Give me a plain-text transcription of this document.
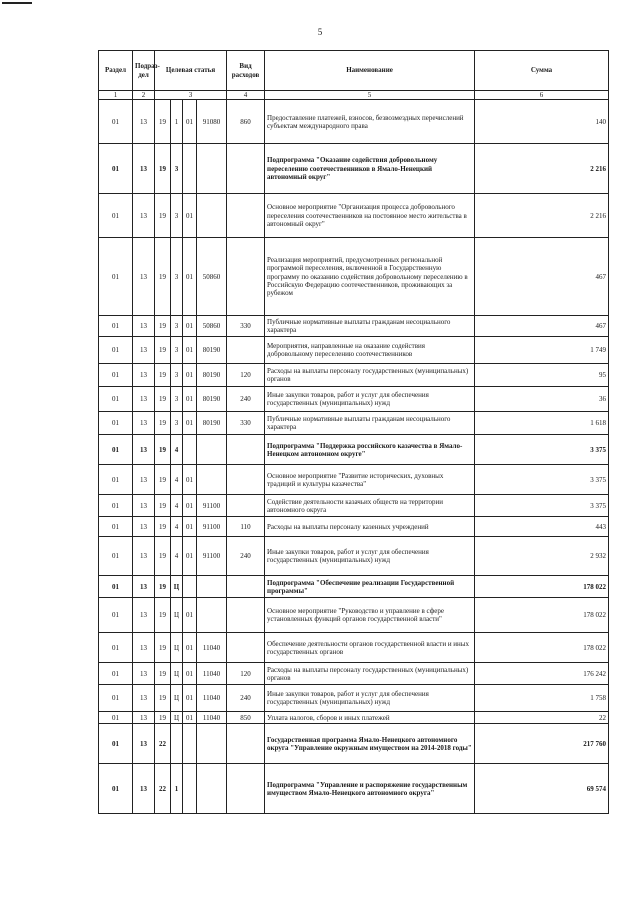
5
Раздел	Подраз-дел	Целевая статья				Вид расходов	Наименование	Сумма
1	2	3				4	5	6
01	13	19	1	01	91080	860	Предоставление платежей, взносов, безвозмездных перечислений субъектам международного права	140
01	13	19	3				Подпрограмма "Оказание содействия добровольному переселению соотечественников в Ямало-Ненецкий автономный округ"	2 216
01	13	19	3	01			Основное мероприятие "Организация процесса добровольного переселения соотечественников на постоянное место жительства в автономный округ"	2 216
01	13	19	3	01	50860		Реализация мероприятий, предусмотренных региональной программой переселения, включенной в Государственную программу по оказанию содействия добровольному переселению в Российскую Федерацию соотечественников, проживающих за рубежом	467
01	13	19	3	01	50860	330	Публичные нормативные выплаты гражданам несоциального характера	467
01	13	19	3	01	80190		Мероприятия, направленные на оказание содействия добровольному переселению соотечественников	1 749
01	13	19	3	01	80190	120	Расходы на выплаты персоналу государственных (муниципальных) органов	95
01	13	19	3	01	80190	240	Иные закупки товаров, работ и услуг для обеспечения государственных (муниципальных) нужд	36
01	13	19	3	01	80190	330	Публичные нормативные выплаты гражданам несоциального характера	1 618
01	13	19	4				Подпрограмма "Поддержка российского казачества в Ямало-Ненецком автономном округе"	3 375
01	13	19	4	01			Основное мероприятие "Развитие исторических, духовных традиций и культуры казачества"	3 375
01	13	19	4	01	91100		Содействие деятельности казачьих обществ на территории автономного округа	3 375
01	13	19	4	01	91100	110	Расходы на выплаты персоналу казенных учреждений	443
01	13	19	4	01	91100	240	Иные закупки товаров, работ и услуг для обеспечения государственных (муниципальных) нужд	2 932
01	13	19	Ц				Подпрограмма "Обеспечение реализации Государственной программы"	178 022
01	13	19	Ц	01			Основное мероприятие "Руководство и управление в сфере установленных функций органов государственной власти"	178 022
01	13	19	Ц	01	11040		Обеспечение деятельности органов государственной власти и иных государственных органов	178 022
01	13	19	Ц	01	11040	120	Расходы на выплаты персоналу государственных (муниципальных) органов	176 242
01	13	19	Ц	01	11040	240	Иные закупки товаров, работ и услуг для обеспечения государственных (муниципальных) нужд	1 758
01	13	19	Ц	01	11040	850	Уплата налогов, сборов и иных платежей	22
01	13	22					Государственная программа Ямало-Ненецкого автономного округа "Управление окружным имуществом на 2014-2018 годы"	217 760
01	13	22	1				Подпрограмма "Управление и распоряжение государственным имуществом Ямало-Ненецкого автономного округа"	69 574
